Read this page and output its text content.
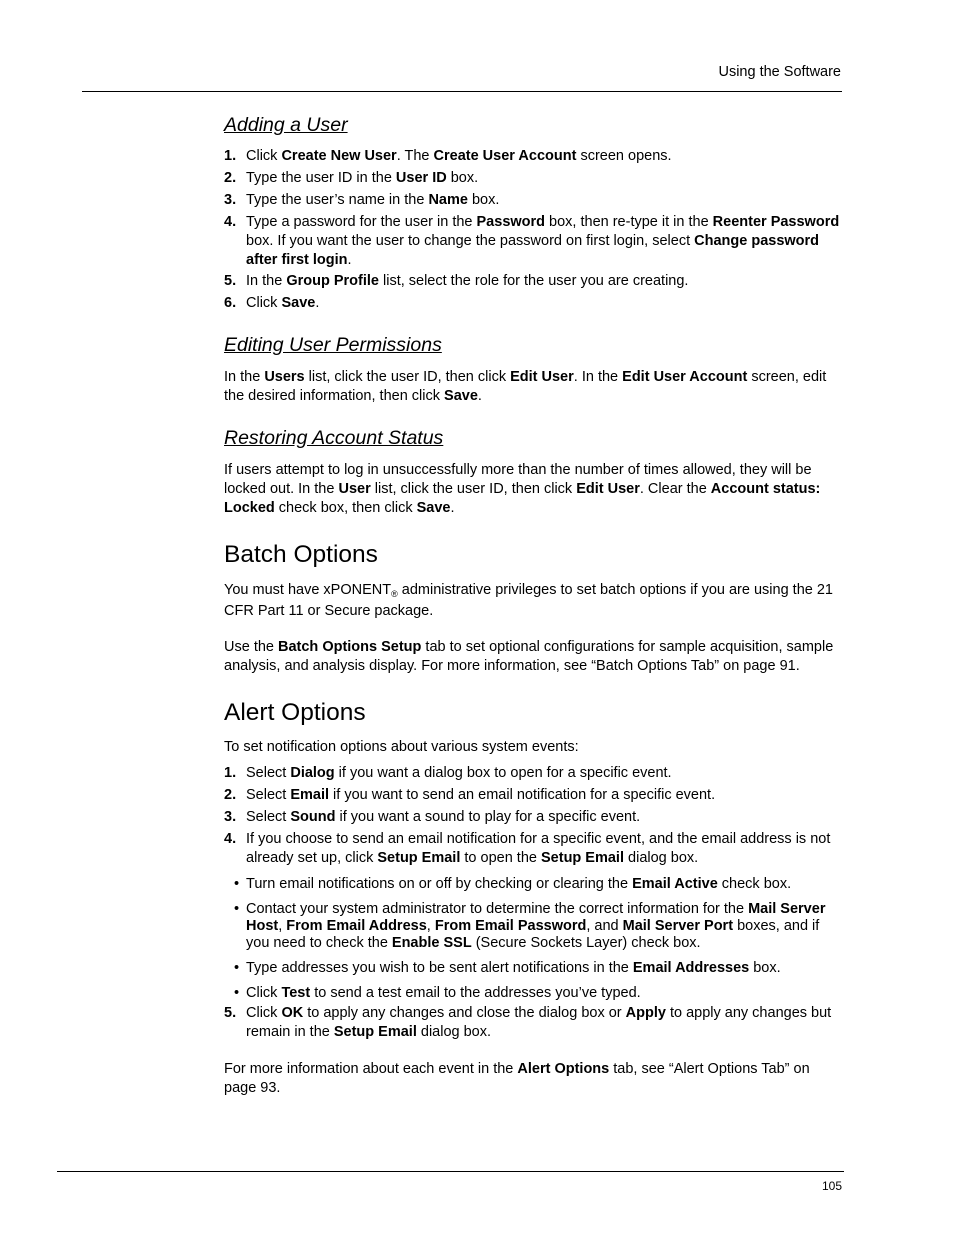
Using the Software
Adding a User
1. Click Create New User. The Create User Account screen opens.
2. Type the user ID in the User ID box.
3. Type the user’s name in the Name box.
4. Type a password for the user in the Password box, then re-type it in the Reenter Password box. If you want the user to change the password on first login, select Change password after first login.
5. In the Group Profile list, select the role for the user you are creating.
6. Click Save.
Editing User Permissions

In the Users list, click the user ID, then click Edit User. In the Edit User Account screen, edit the desired information, then click Save.

Restoring Account Status

If users attempt to log in unsuccessfully more than the number of times allowed, they will be locked out. In the User list, click the user ID, then click Edit User. Clear the Account status: Locked check box, then click Save.

Batch Options

You must have xPONENT$_®$ administrative privileges to set batch options if you are using the 21 CFR Part 11 or Secure package.

Use the Batch Options Setup tab to set optional configurations for sample acquisition, sample analysis, and analysis display. For more information, see “Batch Options Tab” on page 91.

Alert Options

To set notification options about various system events:

1. Select Dialog if you want a dialog box to open for a specific event.
2. Select Email if you want to send an email notification for a specific event.
3. Select Sound if you want a sound to play for a specific event.
4. If you choose to send an email notification for a specific event, and the email address is not already set up, click Setup Email to open the Setup Email dialog box.
• Turn email notifications on or off by checking or clearing the Email Active check box.
• Contact your system administrator to determine the correct information for the Mail Server Host, From Email Address, From Email Password, and Mail Server Port boxes, and if you need to check the Enable SSL (Secure Sockets Layer) check box.
• Type addresses you wish to be sent alert notifications in the Email Addresses box.
• Click Test to send a test email to the addresses you’ve typed.
5. Click OK to apply any changes and close the dialog box or Apply to apply any changes but remain in the Setup Email dialog box.

For more information about each event in the Alert Options tab, see “Alert Options Tab” on page 93.

105
